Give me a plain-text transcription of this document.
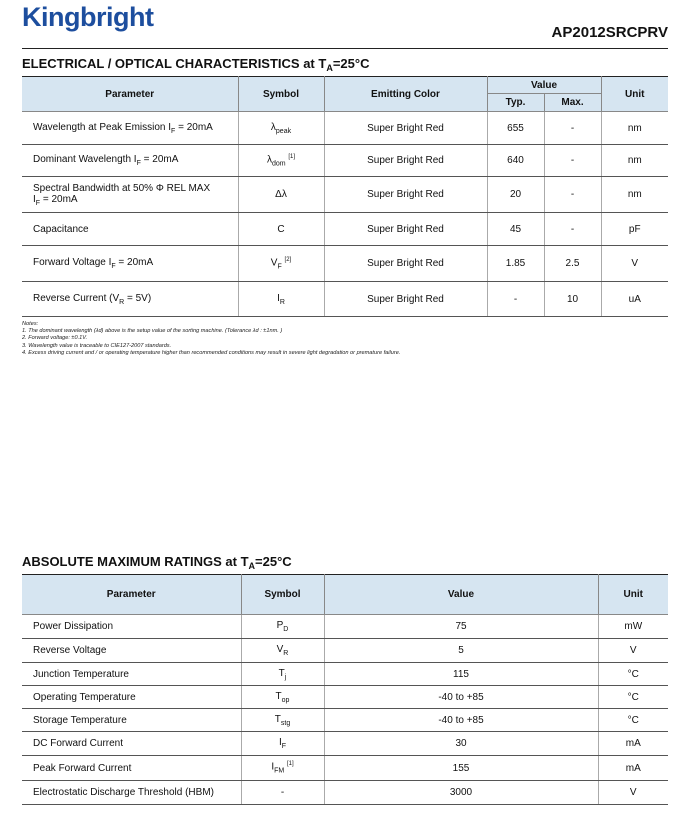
Kingbright
AP2012SRCPRV
ELECTRICAL / OPTICAL CHARACTERISTICS at $T_A=25^\circ C$
Parameter	Symbol	Emitting Color	Value		Unit
			Typ.	Max.	
Wavelength at Peak Emission $I_F = 20mA$	$\lambda_{peak}$	Super Bright Red	655	-	nm
Dominant Wavelength $I_F = 20mA$	$\lambda_{dom}$ [1]	Super Bright Red	640	-	nm
Spectral Bandwidth at 50% Φ REL MAX
$I_F = 20mA$	Δλ	Super Bright Red	20	-	nm
Capacitance	C	Super Bright Red	45	-	pF
Forward Voltage $I_F = 20mA$	$V_F$ [2]	Super Bright Red	1.85	2.5	V
Reverse Current $(V_R = 5V)$	$I_R$	Super Bright Red	-	10	uA
Notes:
1. The dominant wavelength (λd) above is the setup value of the sorting machine. (Tolerance λd : ±1nm. )
2. Forward voltage: ±0.1V.
3. Wavelength value is traceable to CIE127-2007 standards.
4. Excess driving current and / or operating temperature higher than recommended conditions may result in severe light degradation or premature failure.
ABSOLUTE MAXIMUM RATINGS at $T_A=25^\circ C$
Parameter	Symbol	Value	Unit
Power Dissipation	$P_D$	75	mW
Reverse Voltage	$V_R$	5	V
Junction Temperature	$T_j$	115	°C
Operating Temperature	$T_{op}$	-40 to +85	°C
Storage Temperature	$T_{stg}$	-40 to +85	°C
DC Forward Current	$I_F$	30	mA
Peak Forward Current	$I_{FM}$ [1]	155	mA
Electrostatic Discharge Threshold (HBM)	-	3000	V
